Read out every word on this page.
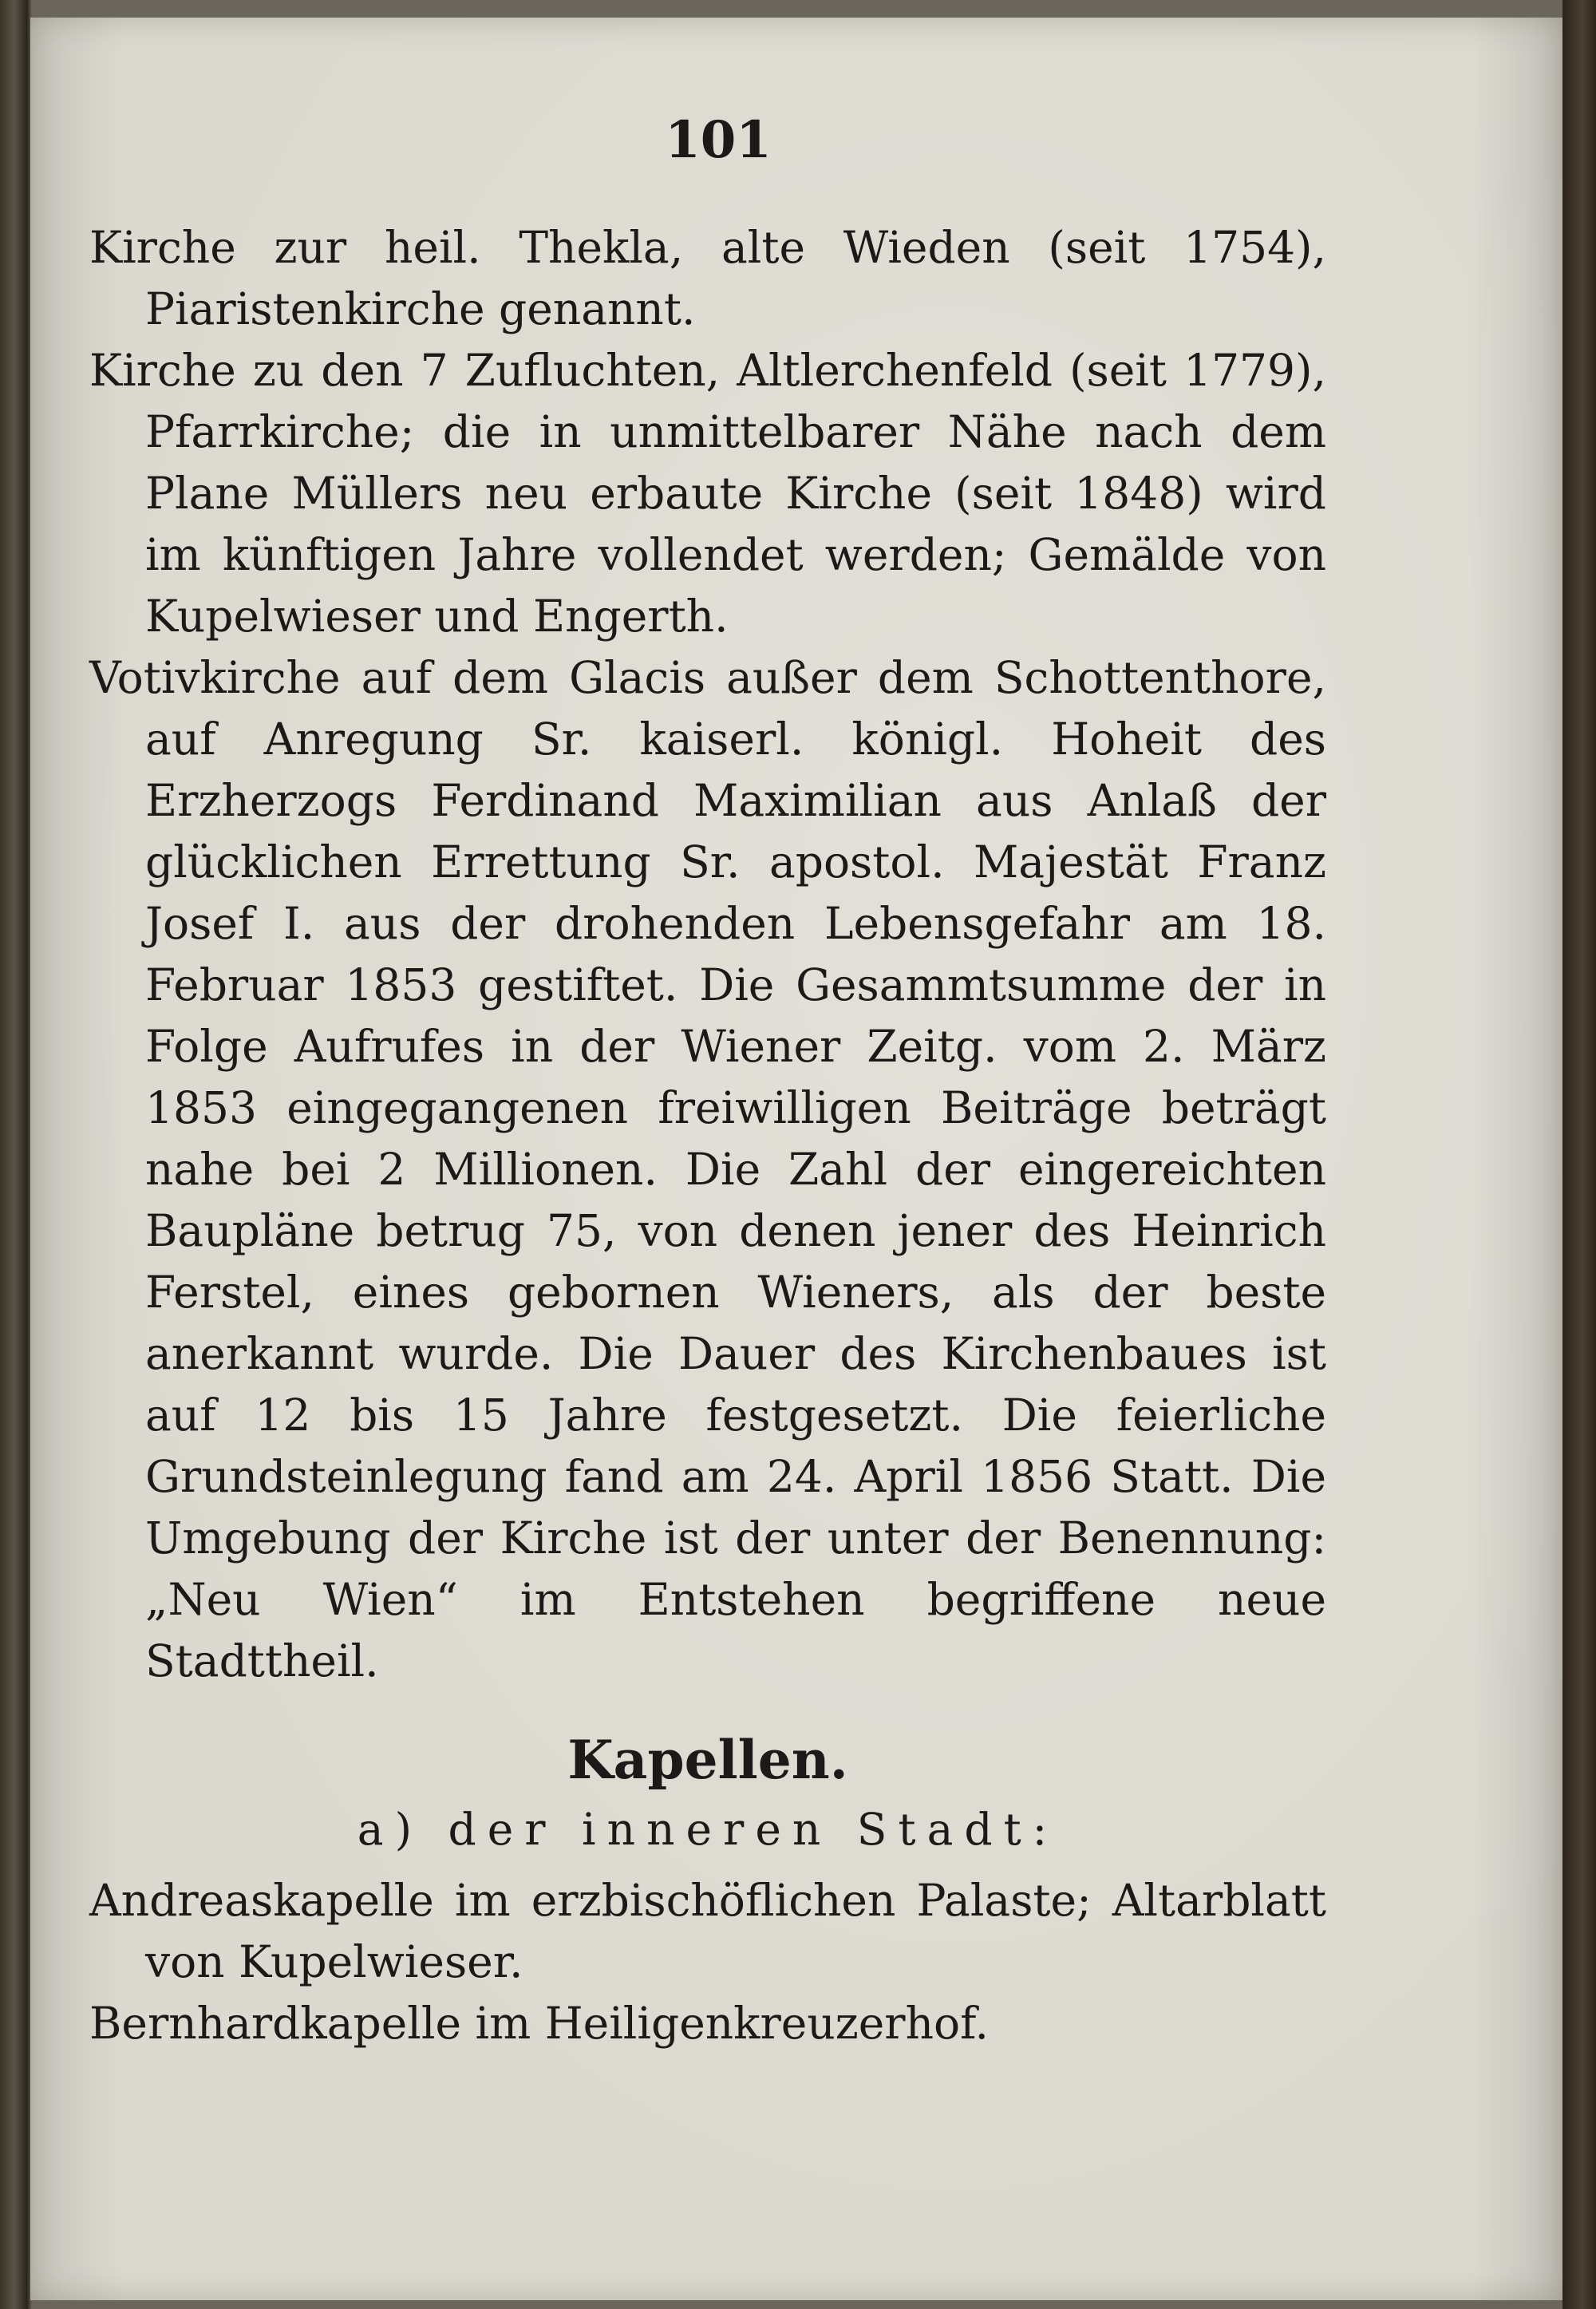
101

Kirche zur heil. Thekla, alte Wieden (seit 1754), Piaristenkirche genannt.

Kirche zu den 7 Zufluchten, Altlerchenfeld (seit 1779), Pfarrkirche; die in unmittelbarer Nähe nach dem Plane Müllers neu erbaute Kirche (seit 1848) wird im künftigen Jahre vollendet werden; Gemälde von Kupelwieser und Engerth.

Votivkirche auf dem Glacis außer dem Schottenthore, auf Anregung Sr. kaiserl. königl. Hoheit des Erzherzogs Ferdinand Maximilian aus Anlaß der glücklichen Errettung Sr. apostol. Majestät Franz Josef I. aus der drohenden Lebensgefahr am 18. Februar 1853 gestiftet. Die Gesammtsumme der in Folge Aufrufes in der Wiener Zeitg. vom 2. März 1853 eingegangenen freiwilligen Beiträge beträgt nahe bei 2 Millionen. Die Zahl der eingereichten Baupläne betrug 75, von denen jener des Heinrich Ferstel, eines gebornen Wieners, als der beste anerkannt wurde. Die Dauer des Kirchenbaues ist auf 12 bis 15 Jahre festgesetzt. Die feierliche Grundsteinlegung fand am 24. April 1856 Statt. Die Umgebung der Kirche ist der unter der Benennung: „Neu Wien“ im Entstehen begriffene neue Stadttheil.

Kapellen.
a) der inneren Stadt:

Andreaskapelle im erzbischöflichen Palaste; Altarblatt von Kupelwieser.

Bernhardkapelle im Heiligenkreuzerhof.
